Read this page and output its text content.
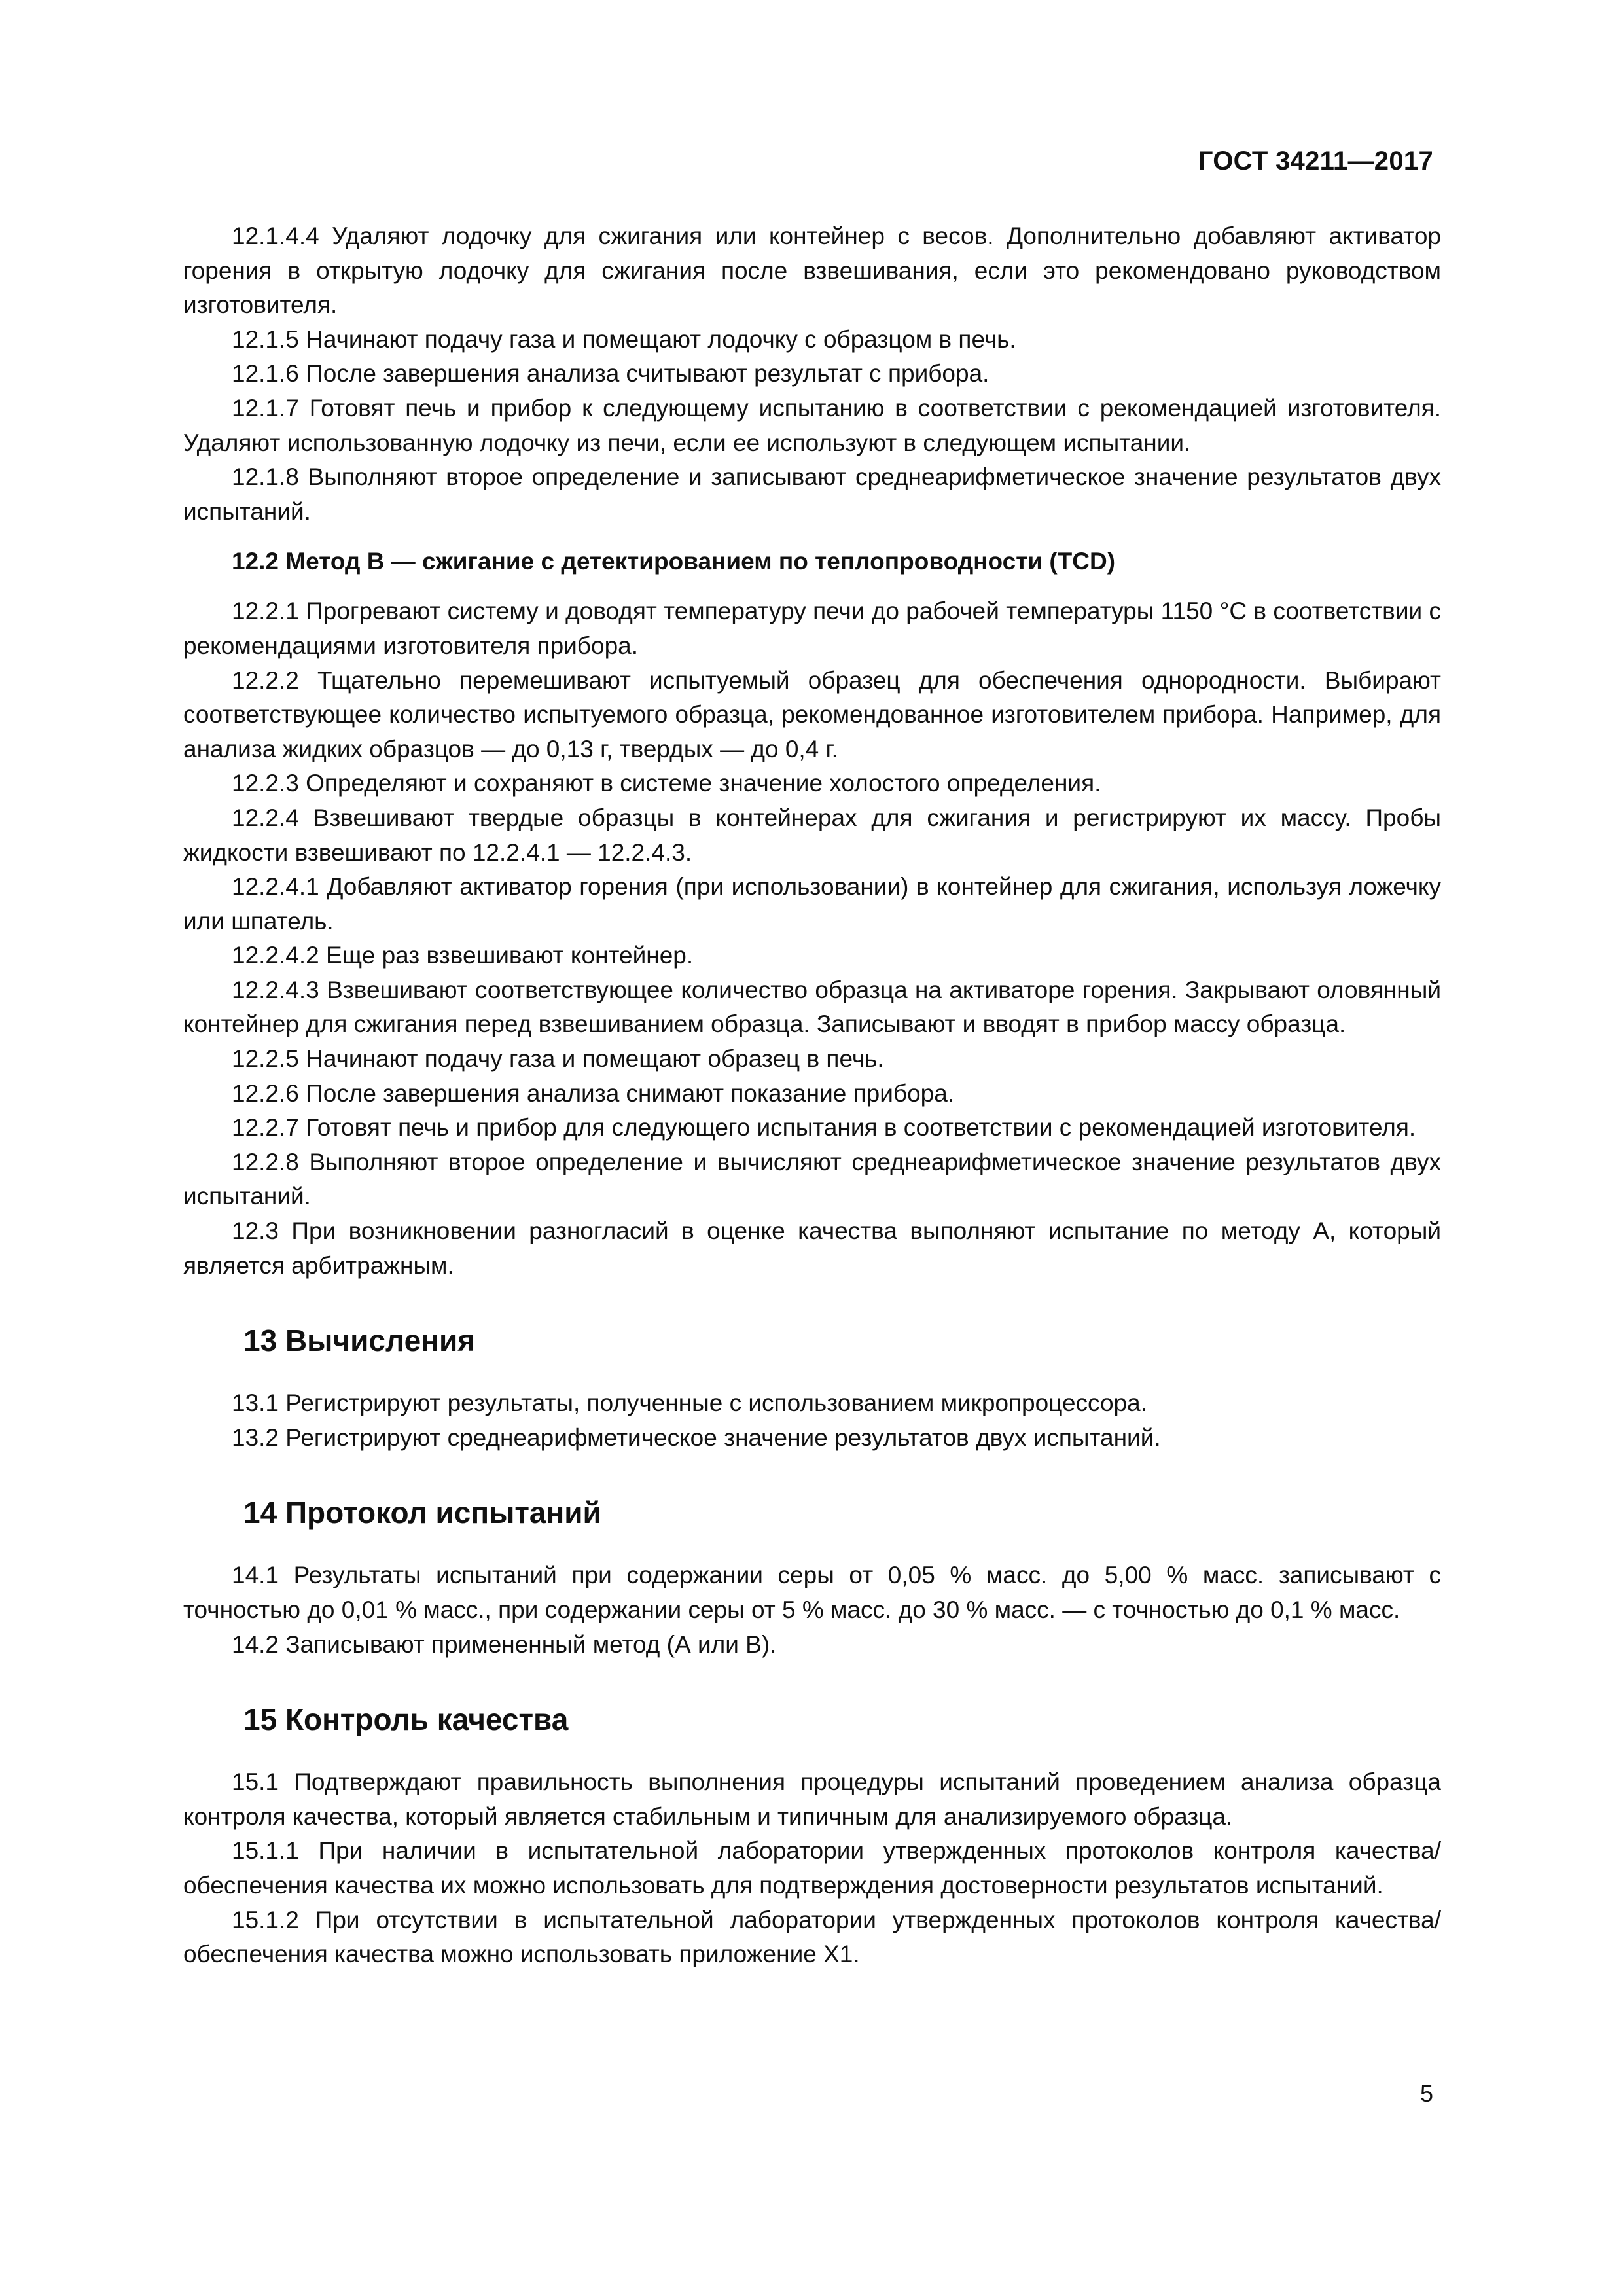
ГОСТ 34211—2017

12.1.4.4 Удаляют лодочку для сжигания или контейнер с весов. Дополнительно добавляют активатор горения в открытую лодочку для сжигания после взвешивания, если это рекомендовано руководством изготовителя.

12.1.5 Начинают подачу газа и помещают лодочку с образцом в печь.

12.1.6 После завершения анализа считывают результат с прибора.

12.1.7 Готовят печь и прибор к следующему испытанию в соответствии с рекомендацией изготовителя. Удаляют использованную лодочку из печи, если ее используют в следующем испытании.

12.1.8 Выполняют второе определение и записывают среднеарифметическое значение результатов двух испытаний.

12.2 Метод B — сжигание с детектированием по теплопроводности (TCD)

12.2.1 Прогревают систему и доводят температуру печи до рабочей температуры 1150 °С в соответствии с рекомендациями изготовителя прибора.

12.2.2 Тщательно перемешивают испытуемый образец для обеспечения однородности. Выбирают соответствующее количество испытуемого образца, рекомендованное изготовителем прибора. Например, для анализа жидких образцов — до 0,13 г, твердых — до 0,4 г.

12.2.3 Определяют и сохраняют в системе значение холостого определения.

12.2.4 Взвешивают твердые образцы в контейнерах для сжигания и регистрируют их массу. Пробы жидкости взвешивают по 12.2.4.1 — 12.2.4.3.

12.2.4.1 Добавляют активатор горения (при использовании) в контейнер для сжигания, используя ложечку или шпатель.

12.2.4.2 Еще раз взвешивают контейнер.

12.2.4.3 Взвешивают соответствующее количество образца на активаторе горения. Закрывают оловянный контейнер для сжигания перед взвешиванием образца. Записывают и вводят в прибор массу образца.

12.2.5 Начинают подачу газа и помещают образец в печь.

12.2.6 После завершения анализа снимают показание прибора.

12.2.7 Готовят печь и прибор для следующего испытания в соответствии с рекомендацией изготовителя.

12.2.8 Выполняют второе определение и вычисляют среднеарифметическое значение результатов двух испытаний.

12.3 При возникновении разногласий в оценке качества выполняют испытание по методу А, который является арбитражным.

13 Вычисления

13.1 Регистрируют результаты, полученные с использованием микропроцессора.

13.2 Регистрируют среднеарифметическое значение результатов двух испытаний.

14 Протокол испытаний

14.1 Результаты испытаний при содержании серы от 0,05 % масс. до 5,00 % масс. записывают с точностью до 0,01 % масс., при содержании серы от 5 % масс. до 30 % масс. — с точностью до 0,1 % масс.

14.2 Записывают примененный метод (А или В).

15 Контроль качества

15.1 Подтверждают правильность выполнения процедуры испытаний проведением анализа образца контроля качества, который является стабильным и типичным для анализируемого образца.

15.1.1 При наличии в испытательной лаборатории утвержденных протоколов контроля качества/обеспечения качества их можно использовать для подтверждения достоверности результатов испытаний.

15.1.2 При отсутствии в испытательной лаборатории утвержденных протоколов контроля качества/обеспечения качества можно использовать приложение Х1.

5
